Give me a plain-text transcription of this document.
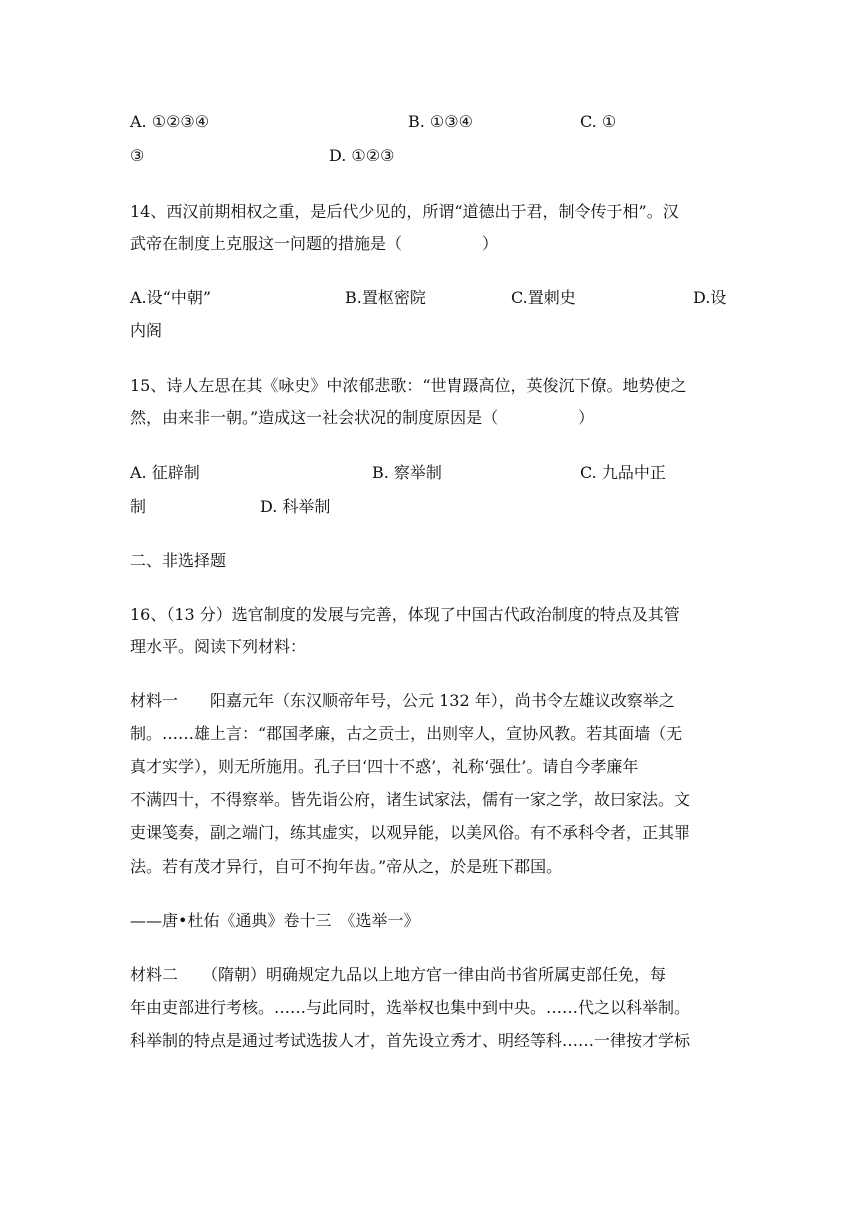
A. ①②③④	B. ①③④	C. ①
③	D. ①②③
14、西汉前期相权之重，是后代少见的，所谓“道德出于君，制令传于相”。汉
武帝在制度上克服这一问题的措施是（　　　　　）
A.设“中朝”	B.置枢密院	C.置刺史	D.设
内阁
15、诗人左思在其《咏史》中浓郁悲歌：“世胄蹑高位，英俊沉下僚。地势使之
然，由来非一朝。”造成这一社会状况的制度原因是（　　　　　）
A. 征辟制	B. 察举制	C. 九品中正
制	D. 科举制
二、非选择题
16、（13 分）选官制度的发展与完善，体现了中国古代政治制度的特点及其管
理水平。阅读下列材料：
材料一　　阳嘉元年（东汉顺帝年号，公元 132 年），尚书令左雄议改察举之
制。……雄上言：“郡国孝廉，古之贡士，出则宰人，宣协风教。若其面墙（无
真才实学），则无所施用。孔子曰‘四十不惑’，礼称‘强仕’。请自今孝廉年
不满四十，不得察举。皆先诣公府，诸生试家法，儒有一家之学，故曰家法。文
吏课笺奏，副之端门，练其虚实，以观异能，以美风俗。有不承科令者，正其罪
法。若有茂才异行，自可不拘年齿。”帝从之，於是班下郡国。
——唐•杜佑《通典》卷十三　《选举一》
材料二　　（隋朝）明确规定九品以上地方官一律由尚书省所属吏部任免，每
年由吏部进行考核。……与此同时，选举权也集中到中央。……代之以科举制。
科举制的特点是通过考试选拔人才，首先设立秀才、明经等科……一律按才学标
